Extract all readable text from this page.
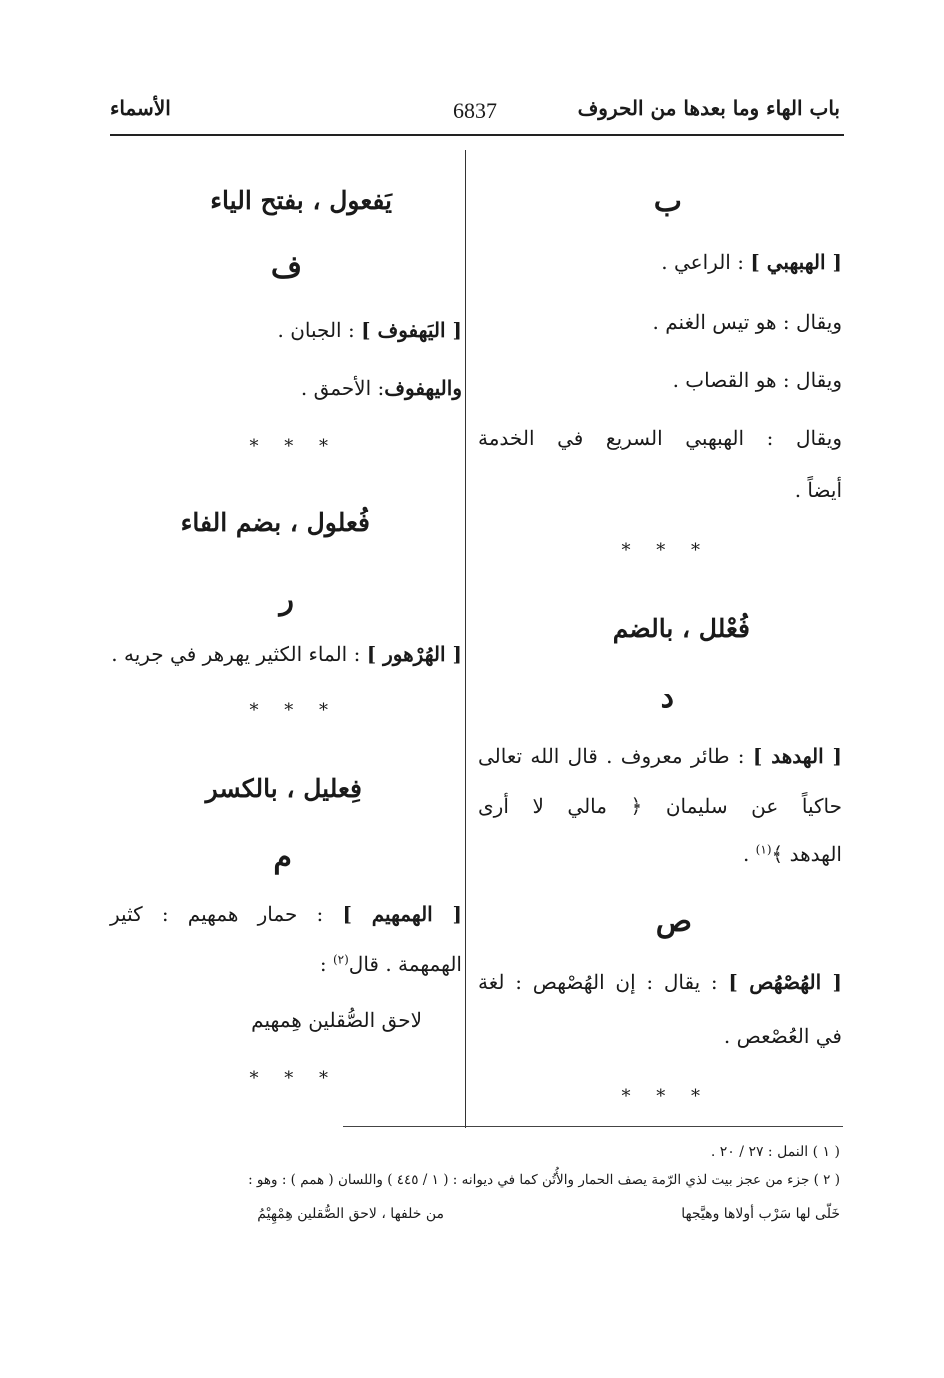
باب الهاء وما بعدها من الحروف
6837
الأسماء

ب

[ الهبهبي ] : الراعي .

ويقال : هو تيس الغنم .

ويقال : هو القصاب .

ويقال : الهبهبي السريع في الخدمة

أيضاً .

* * *

فُعْلل ، بالضم

د

[ الهدهد ] : طائر معروف . قال الله تعالى

حاكياً عن سليمان ﴿ مالي لا أرى

الهدهد ﴾$^{(١)}$ .

ص

[ الهُصْهُص ] : يقال : إن الهُصْهص : لغة

في العُصْعص .

* * *

يَفعول ، بفتح الياء

ف

[ اليَهفوف ] : الجبان .

واليهفوف: الأحمق .

* * *

فُعلول ، بضم الفاء

ر

[ الهُرْهور ] : الماء الكثير يهرهر في جريه .

* * *

فِعليل ، بالكسر

م

[ الهمهيم ] : حمار همهيم : كثير

الهمهمة . قال$^{(٢)}$ :

لاحق الصُّقلين هِمهيم

* * *

( ١ ) النمل : ٢٧ / ٢٠ .
( ٢ ) جزء من عجز بيت لذي الرّمة يصف الحمار والأُتُن كما في ديوانه : ( ١ / ٤٤٥ ) واللسان ( همم ) : وهو :
خَلّى لها سَرْب أولاها وهيَّجها
من خلفها ، لاحق الصُّقلين هِمْهِيْمُ
